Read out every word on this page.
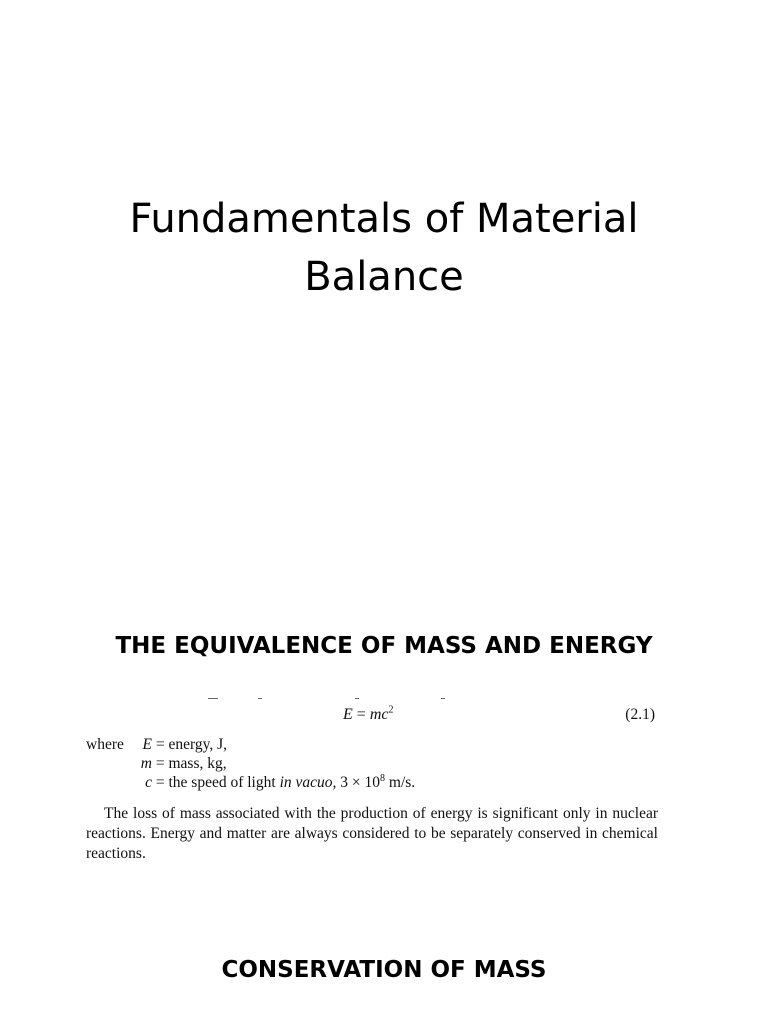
Fundamentals of Material
Balance
THE EQUIVALENCE OF MASS AND ENERGY
$E = mc^2$	(2.1)
where E = energy, J,
m = mass, kg,
c = the speed of light in vacuo, $3 \times 10^8$ m/s.
The loss of mass associated with the production of energy is significant only in nuclear reactions. Energy and matter are always considered to be separately conserved in chemical reactions.
CONSERVATION OF MASS
